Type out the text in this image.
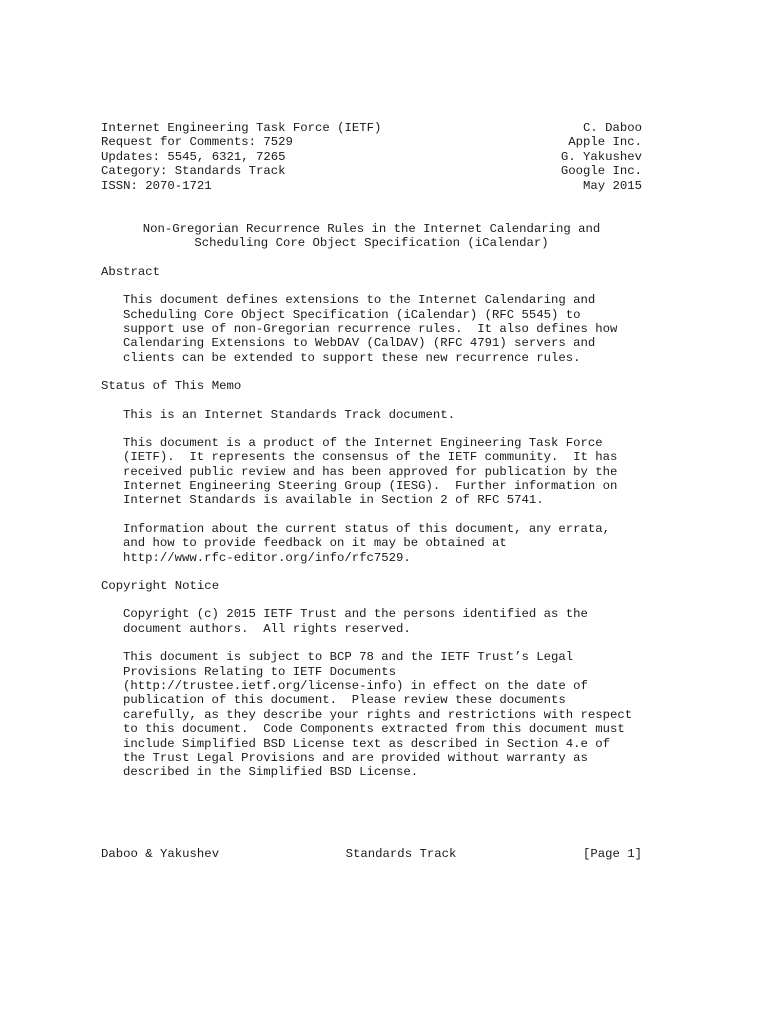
Internet Engineering Task Force (IETF)	C. Daboo
Request for Comments: 7529	Apple Inc.
Updates: 5545, 6321, 7265	G. Yakushev
Category: Standards Track	Google Inc.
ISSN: 2070-1721	May 2015
Non-Gregorian Recurrence Rules in the Internet Calendaring and
Scheduling Core Object Specification (iCalendar)
Abstract
This document defines extensions to the Internet Calendaring and
Scheduling Core Object Specification (iCalendar) (RFC 5545) to
support use of non-Gregorian recurrence rules.  It also defines how
Calendaring Extensions to WebDAV (CalDAV) (RFC 4791) servers and
clients can be extended to support these new recurrence rules.
Status of This Memo
This is an Internet Standards Track document.
This document is a product of the Internet Engineering Task Force
(IETF).  It represents the consensus of the IETF community.  It has
received public review and has been approved for publication by the
Internet Engineering Steering Group (IESG).  Further information on
Internet Standards is available in Section 2 of RFC 5741.
Information about the current status of this document, any errata,
and how to provide feedback on it may be obtained at
http://www.rfc-editor.org/info/rfc7529.
Copyright Notice
Copyright (c) 2015 IETF Trust and the persons identified as the
document authors.  All rights reserved.
This document is subject to BCP 78 and the IETF Trust’s Legal
Provisions Relating to IETF Documents
(http://trustee.ietf.org/license-info) in effect on the date of
publication of this document.  Please review these documents
carefully, as they describe your rights and restrictions with respect
to this document.  Code Components extracted from this document must
include Simplified BSD License text as described in Section 4.e of
the Trust Legal Provisions and are provided without warranty as
described in the Simplified BSD License.
Daboo & Yakushev	Standards Track	[Page 1]
